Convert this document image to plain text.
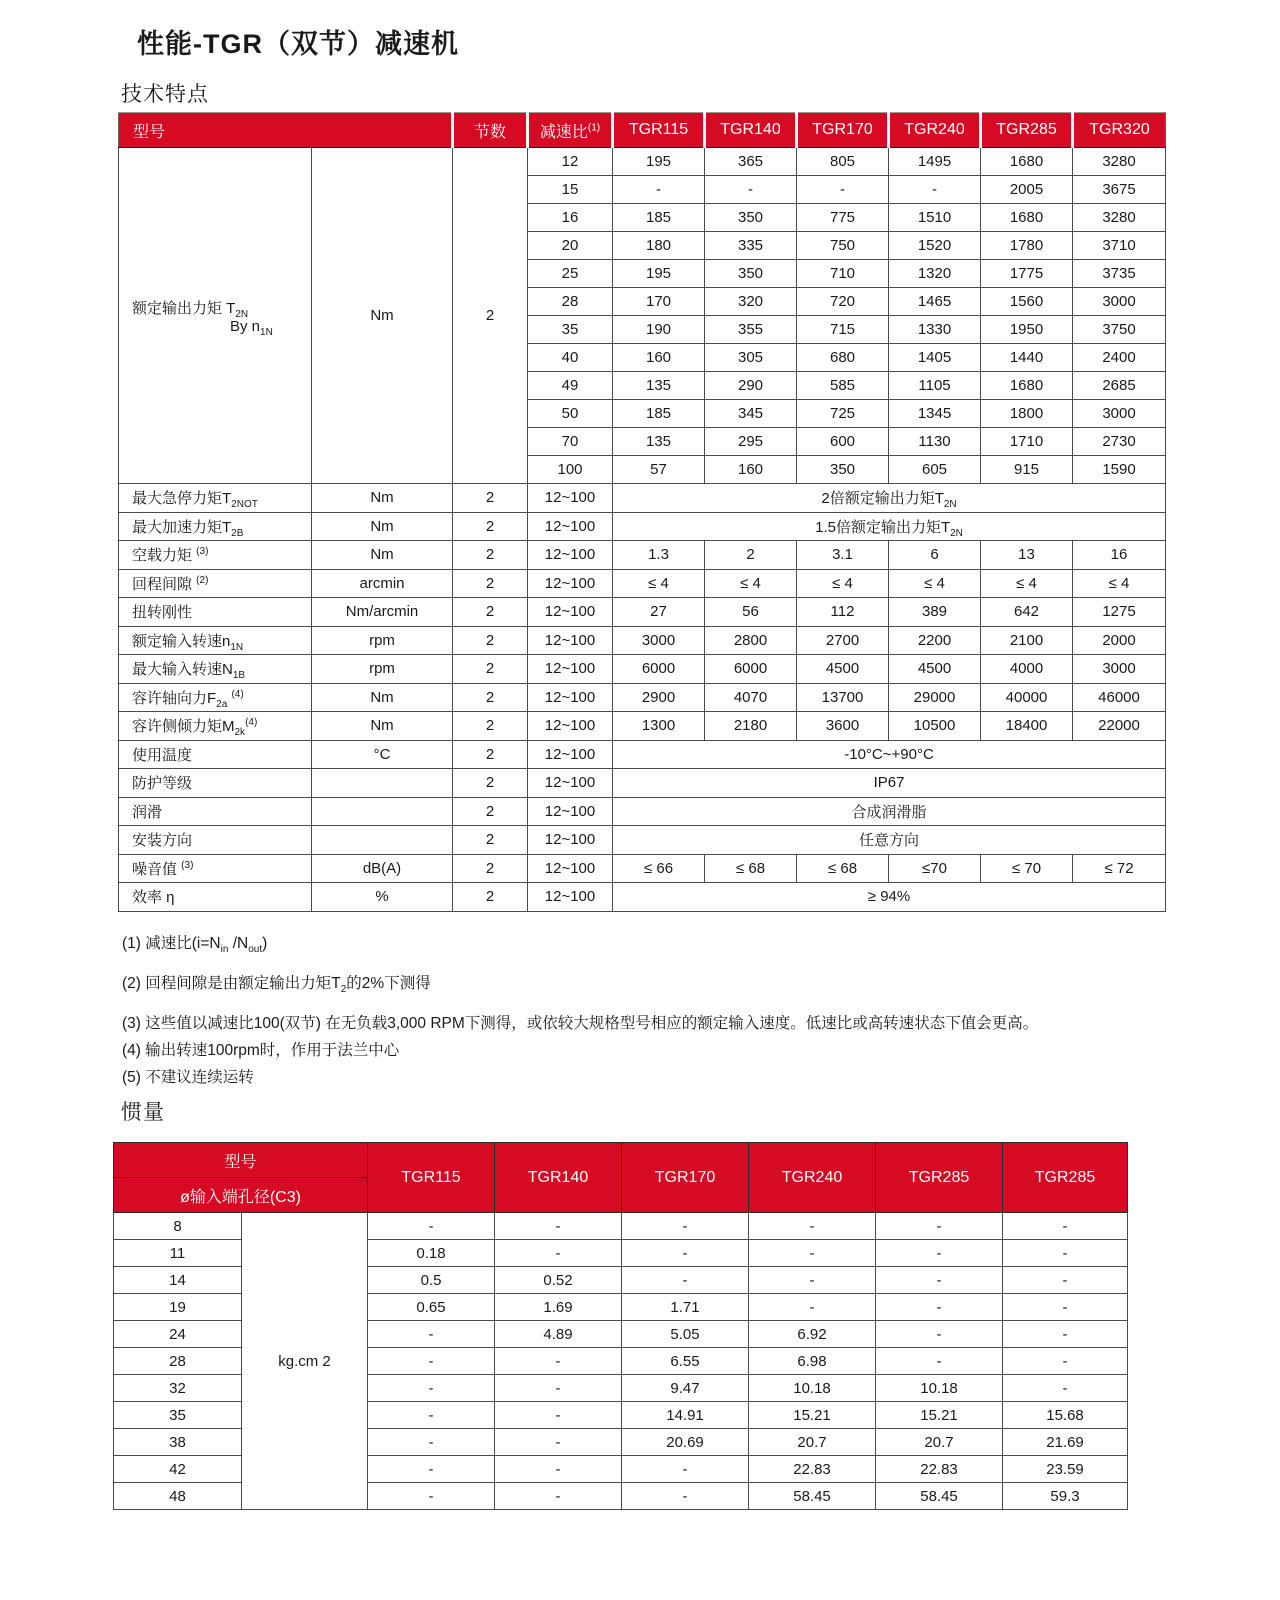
性能-TGR（双节）减速机
技术特点
型号		节数	减速比$^{(1)}$	TGR115	TGR140	TGR170	TGR240	TGR285	TGR320

额定输出力矩 $T_{2N}$
By $n_{1N}$	Nm	2	12	195	365	805	1495	1680	3280
			15	-	-	-	-	2005	3675
			16	185	350	775	1510	1680	3280
			20	180	335	750	1520	1780	3710
			25	195	350	710	1320	1775	3735
			28	170	320	720	1465	1560	3000
			35	190	355	715	1330	1950	3750
			40	160	305	680	1405	1440	2400
			49	135	290	585	1105	1680	2685
			50	185	345	725	1345	1800	3000
			70	135	295	600	1130	1710	2730
			100	57	160	350	605	915	1590
最大急停力矩$T_{2NOT}$	Nm	2	12~100	2倍额定输出力矩$T_{2N}$
最大加速力矩$T_{2B}$	Nm	2	12~100	1.5倍额定输出力矩$T_{2N}$
空载力矩 $^{(3)}$	Nm	2	12~100	1.3	2	3.1	6	13	16
回程间隙 $^{(2)}$	arcmin	2	12~100	≤ 4	≤ 4	≤ 4	≤ 4	≤ 4	≤ 4
扭转刚性	Nm/arcmin	2	12~100	27	56	112	389	642	1275
额定输入转速$n_{1N}$	rpm	2	12~100	3000	2800	2700	2200	2100	2000
最大输入转速$N_{1B}$	rpm	2	12~100	6000	6000	4500	4500	4000	3000
容许轴向力$F_{2a}$ $^{(4)}$	Nm	2	12~100	2900	4070	13700	29000	40000	46000
容许侧倾力矩$M_{2k}^{(4)}$	Nm	2	12~100	1300	2180	3600	10500	18400	22000
使用温度	°C	2	12~100	-10°C~+90°C					
防护等级		2	12~100	IP67					
润滑		2	12~100	合成润滑脂					
安装方向		2	12~100	任意方向					
噪音值 $^{(3)}$	dB(A)	2	12~100	≤ 66	≤ 68	≤ 68	≤70	≤ 70	≤ 72
效率 η	%	2	12~100	≥ 94%					
(1) 减速比($i=N_{in}$ $/N_{out}$)
(2) 回程间隙是由额定输出力矩$T_2$的2%下测得
(3) 这些值以减速比100(双节) 在无负载3,000 RPM下测得，或依较大规格型号相应的额定输入速度。低速比或高转速状态下值会更高。
(4) 输出转速100rpm时，作用于法兰中心
(5) 不建议连续运转
惯量
型号		TGR115	TGR140	TGR170	TGR240	TGR285	TGR285
ø输入端孔径(C3)							
8	kg.cm 2	-	-	-	-	-	-
11		0.18	-	-	-	-	-
14		0.5	0.52	-	-	-	-
19		0.65	1.69	1.71	-	-	-
24		-	4.89	5.05	6.92	-	-
28		-	-	6.55	6.98	-	-
32		-	-	9.47	10.18	10.18	-
35		-	-	14.91	15.21	15.21	15.68
38		-	-	20.69	20.7	20.7	21.69
42		-	-	-	22.83	22.83	23.59
48		-	-	-	58.45	58.45	59.3
